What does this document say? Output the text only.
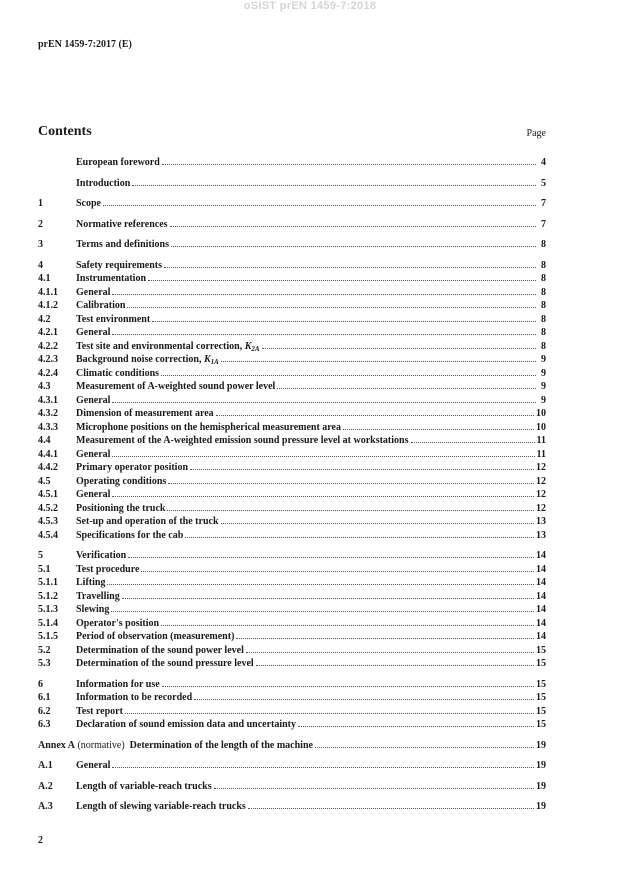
oSIST prEN 1459-7:2018
prEN 1459-7:2017 (E)
Contents	Page
European foreword	4
Introduction	5
1	Scope	7
2	Normative references	7
3	Terms and definitions	8
4	Safety requirements	8
4.1	Instrumentation	8
4.1.1	General	8
4.1.2	Calibration	8
4.2	Test environment	8
4.2.1	General	8
4.2.2	Test site and environmental correction, $K_{2A}$	8
4.2.3	Background noise correction, $K_{1A}$	9
4.2.4	Climatic conditions	9
4.3	Measurement of A-weighted sound power level	9
4.3.1	General	9
4.3.2	Dimension of measurement area	10
4.3.3	Microphone positions on the hemispherical measurement area	10
4.4	Measurement of the A-weighted emission sound pressure level at workstations	11
4.4.1	General	11
4.4.2	Primary operator position	12
4.5	Operating conditions	12
4.5.1	General	12
4.5.2	Positioning the truck	12
4.5.3	Set-up and operation of the truck	13
4.5.4	Specifications for the cab	13
5	Verification	14
5.1	Test procedure	14
5.1.1	Lifting	14
5.1.2	Travelling	14
5.1.3	Slewing	14
5.1.4	Operator's position	14
5.1.5	Period of observation (measurement)	14
5.2	Determination of the sound power level	15
5.3	Determination of the sound pressure level	15
6	Information for use	15
6.1	Information to be recorded	15
6.2	Test report	15
6.3	Declaration of sound emission data and uncertainty	15
Annex A (normative) Determination of the length of the machine	19
A.1	General	19
A.2	Length of variable-reach trucks	19
A.3	Length of slewing variable-reach trucks	19
2
